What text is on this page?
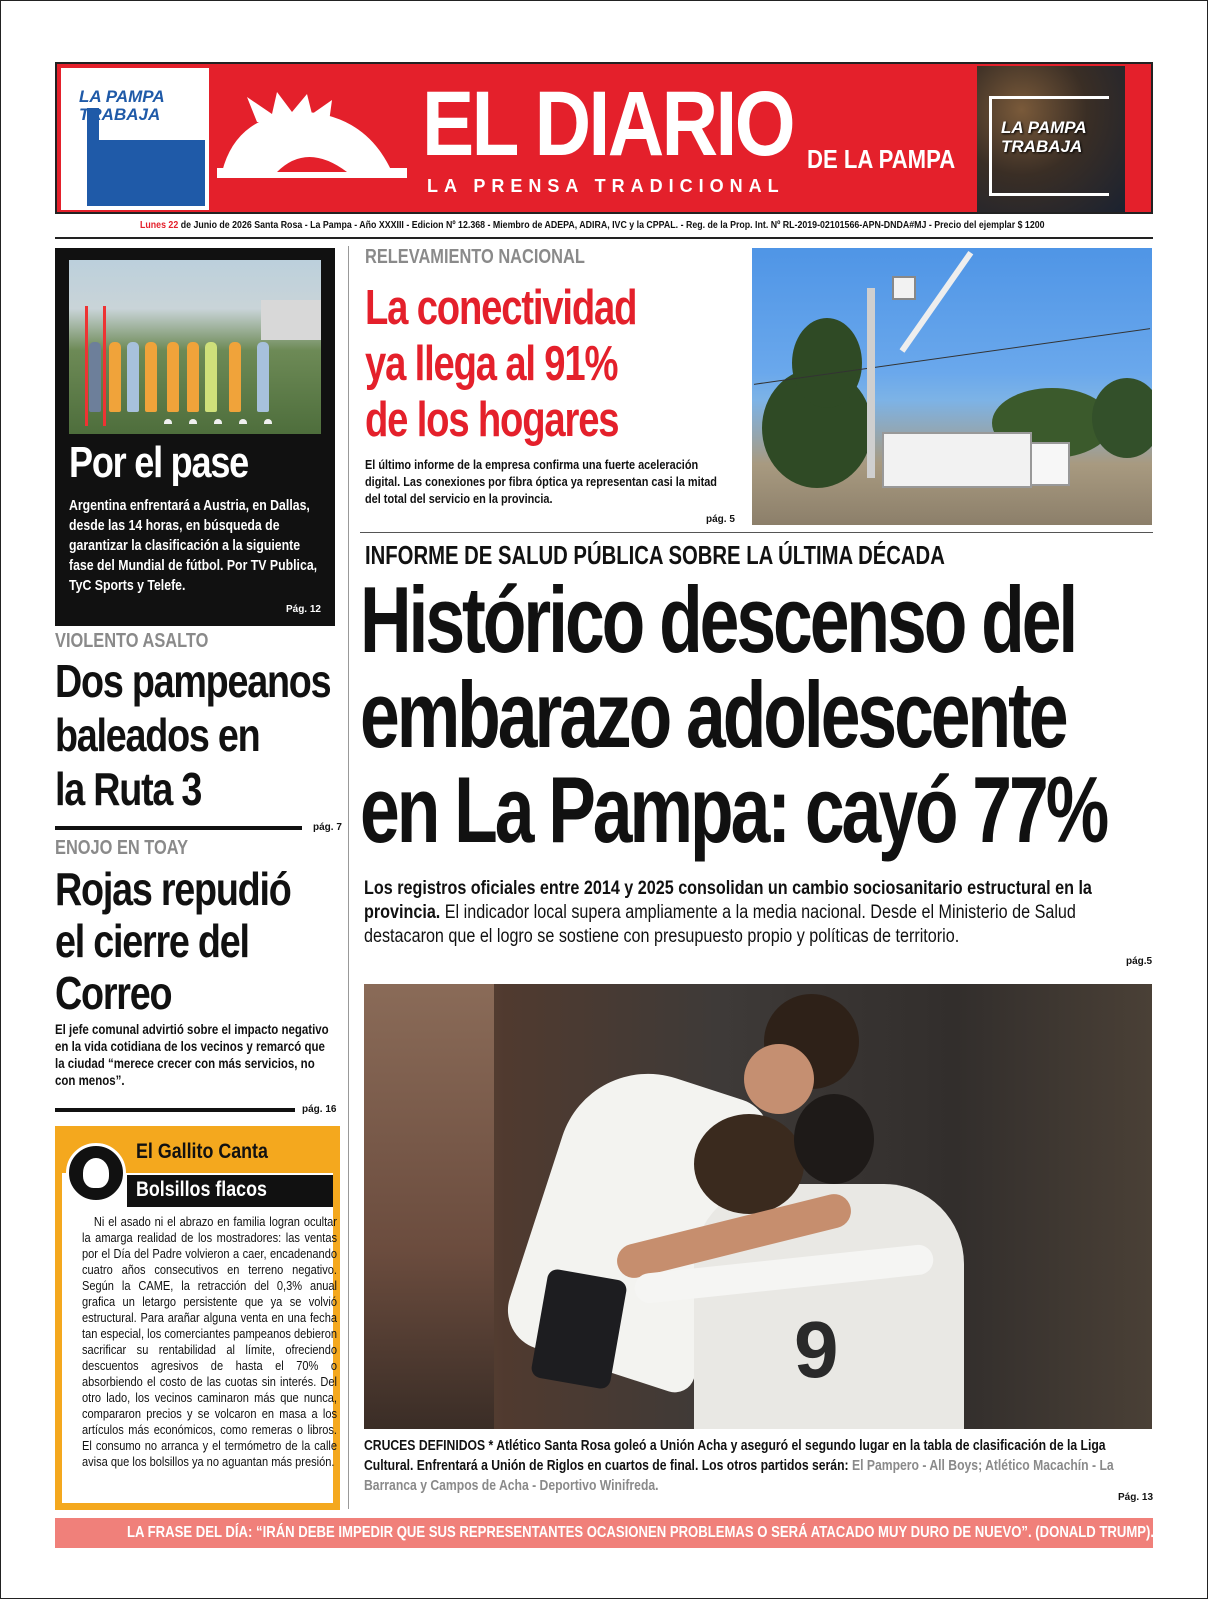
LA PAMPA TRABAJA	EL DIARIO DE LA PAMPA
LA PRENSA TRADICIONAL
LA PAMPA TRABAJA
Lunes 22 de Junio de 2026 Santa Rosa - La Pampa - Año XXXIII - Edicion Nº 12.368 - Miembro de ADEPA, ADIRA, IVC y la CPPAL. - Reg. de la Prop. Int. Nº RL-2019-02101566-APN-DNDA#MJ - Precio del ejemplar $ 1200
Por el pase
Argentina enfrentará a Austria, en Dallas, desde las 14 horas, en búsqueda de garantizar la clasificación a la siguiente fase del Mundial de fútbol. Por TV Publica, TyC Sports y Telefe.
Pág. 12
VIOLENTO ASALTO
Dos pampeanos
baleados en
la Ruta 3
pág. 7
ENOJO EN TOAY
Rojas repudió
el cierre del
Correo
El jefe comunal advirtió sobre el impacto negativo en la vida cotidiana de los vecinos y remarcó que la ciudad “merece crecer con más servicios, no con menos”.
pág. 16
El Gallito Canta
Bolsillos flacos
Ni el asado ni el abrazo en familia logran ocultar la amarga realidad de los mostradores: las ventas por el Día del Padre volvieron a caer, encadenando cuatro años consecutivos en terreno negativo. Según la CAME, la retracción del 0,3% anual grafica un letargo persistente que ya se volvió estructural. Para arañar alguna venta en una fecha tan especial, los comerciantes pampeanos debieron sacrificar su rentabilidad al límite, ofreciendo descuentos agresivos de hasta el 70% o absorbiendo el costo de las cuotas sin interés. Del otro lado, los vecinos caminaron más que nunca, compararon precios y se volcaron en masa a los artículos más económicos, como remeras o libros. El consumo no arranca y el termómetro de la calle avisa que los bolsillos ya no aguantan más presión.
RELEVAMIENTO NACIONAL
La conectividad
ya llega al 91%
de los hogares
El último informe de la empresa confirma una fuerte aceleración digital. Las conexiones por fibra óptica ya representan casi la mitad del total del servicio en la provincia.
pág. 5
INFORME DE SALUD PÚBLICA SOBRE LA ÚLTIMA DÉCADA
Histórico descenso del
embarazo adolescente
en La Pampa: cayó 77%
Los registros oficiales entre 2014 y 2025 consolidan un cambio sociosanitario estructural en la provincia. El indicador local supera ampliamente a la media nacional. Desde el Ministerio de Salud destacaron que el logro se sostiene con presupuesto propio y políticas de territorio.
pág.5
9
CRUCES DEFINIDOS * Atlético Santa Rosa goleó a Unión Acha y aseguró el segundo lugar en la tabla de clasificación de la Liga Cultural. Enfrentará a Unión de Riglos en cuartos de final. Los otros partidos serán: El Pampero - All Boys; Atlético Macachín - La Barranca y Campos de Acha - Deportivo Winifreda.
Pág. 13
LA FRASE DEL DÍA: “IRÁN DEBE IMPEDIR QUE SUS REPRESENTANTES OCASIONEN PROBLEMAS O SERÁ ATACADO MUY DURO DE NUEVO”. (DONALD TRUMP). pág. 11
